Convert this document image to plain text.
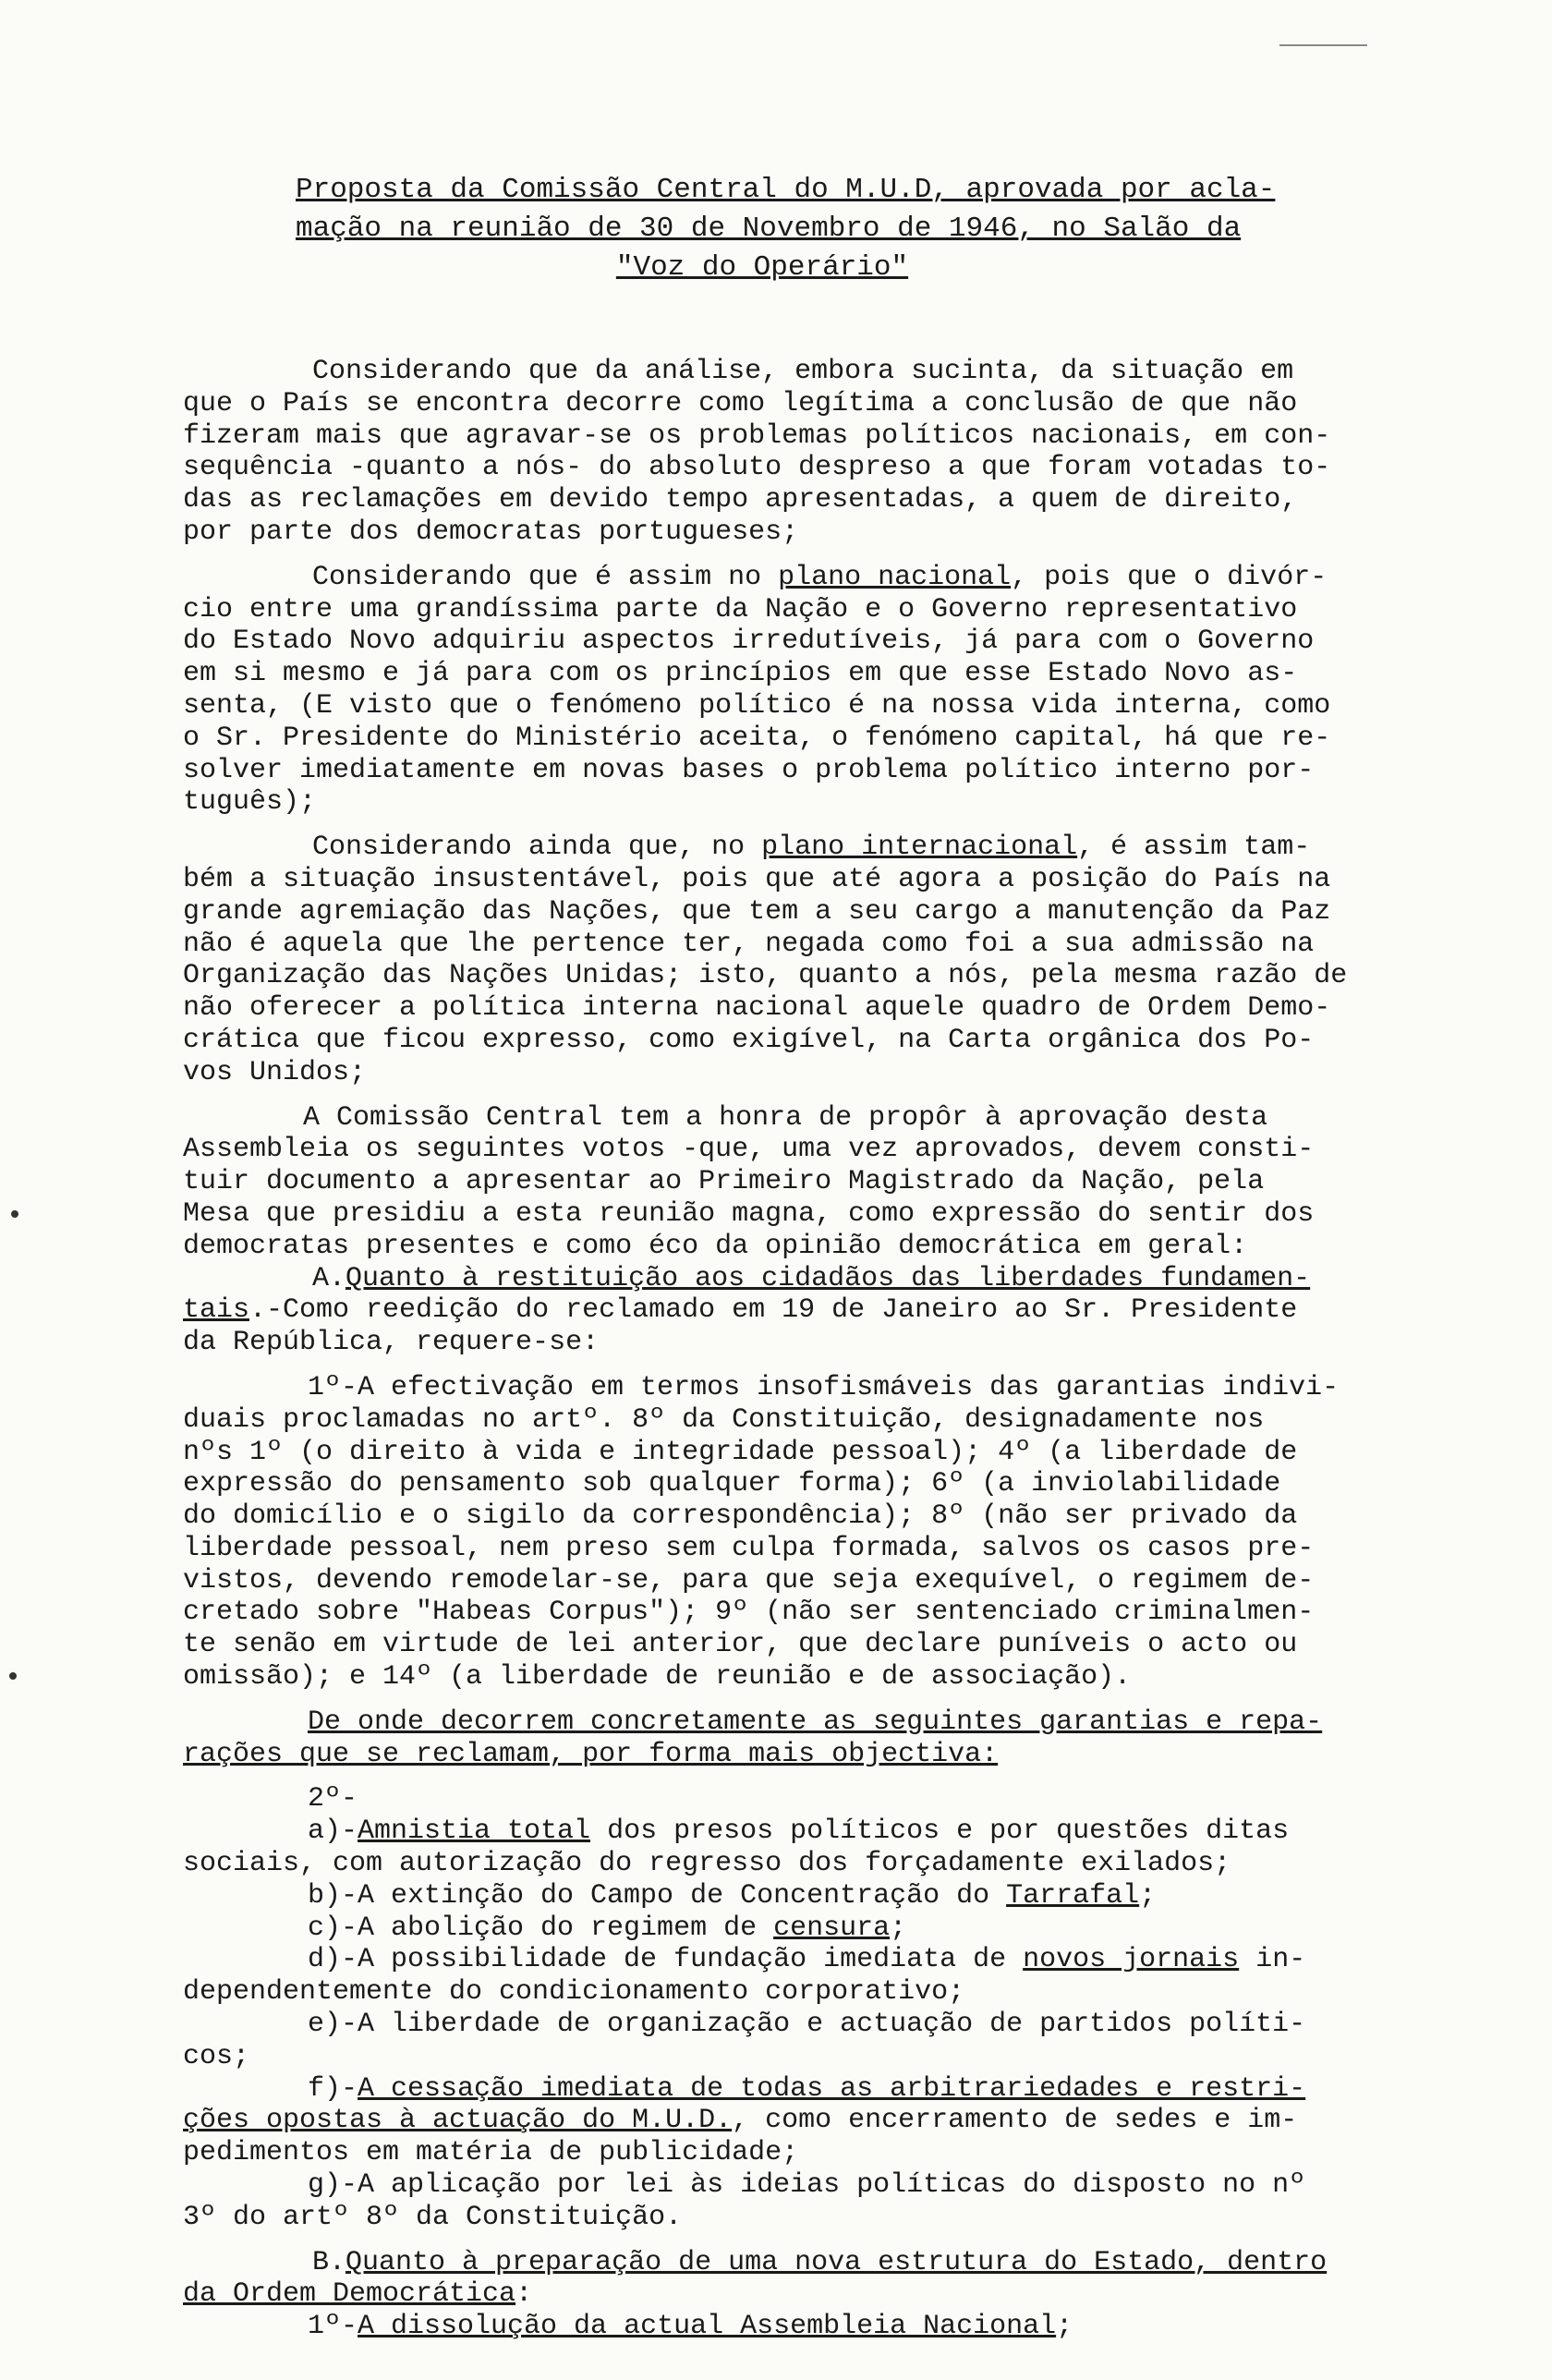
Proposta da Comissão Central do M.U.D, aprovada por acla-
mação na reunião de 30 de Novembro de 1946, no Salão da
"Voz do Operário"

Considerando que da análise, embora sucinta, da situação em

que o País se encontra decorre como legítima a conclusão de que não

fizeram mais que agravar-se os problemas políticos nacionais, em con-

sequência -quanto a nós- do absoluto despreso a que foram votadas to-

das as reclamações em devido tempo apresentadas, a quem de direito,

por parte dos democratas portugueses;

Considerando que é assim no plano nacional, pois que o divór-

cio entre uma grandíssima parte da Nação e o Governo representativo

do Estado Novo adquiriu aspectos irredutíveis, já para com o Governo

em si mesmo e já para com os princípios em que esse Estado Novo as-

senta, (E visto que o fenómeno político é na nossa vida interna, como

o Sr. Presidente do Ministério aceita, o fenómeno capital, há que re-

solver imediatamente em novas bases o problema político interno por-

tuguês);

Considerando ainda que, no plano internacional, é assim tam-

bém a situação insustentável, pois que até agora a posição do País na

grande agremiação das Nações, que tem a seu cargo a manutenção da Paz

não é aquela que lhe pertence ter, negada como foi a sua admissão na

Organização das Nações Unidas; isto, quanto a nós, pela mesma razão de

não oferecer a política interna nacional aquele quadro de Ordem Demo-

crática que ficou expresso, como exigível, na Carta orgânica dos Po-

vos Unidos;

A Comissão Central tem a honra de propôr à aprovação desta

Assembleia os seguintes votos -que, uma vez aprovados, devem consti-

tuir documento a apresentar ao Primeiro Magistrado da Nação, pela

Mesa que presidiu a esta reunião magna, como expressão do sentir dos

democratas presentes e como éco da opinião democrática em geral:

A.Quanto à restituição aos cidadãos das liberdades fundamen-

tais.-Como reedição do reclamado em 19 de Janeiro ao Sr. Presidente

da República, requere-se:

1º-A efectivação em termos insofismáveis das garantias indivi-

duais proclamadas no artº. 8º da Constituição, designadamente nos

nºs 1º (o direito à vida e integridade pessoal); 4º (a liberdade de

expressão do pensamento sob qualquer forma); 6º (a inviolabilidade

do domicílio e o sigilo da correspondência); 8º (não ser privado da

liberdade pessoal, nem preso sem culpa formada, salvos os casos pre-

vistos, devendo remodelar-se, para que seja exequível, o regimem de-

cretado sobre "Habeas Corpus"); 9º (não ser sentenciado criminalmen-

te senão em virtude de lei anterior, que declare puníveis o acto ou

omissão); e 14º (a liberdade de reunião e de associação).

De onde decorrem concretamente as seguintes garantias e repa-

rações que se reclamam, por forma mais objectiva:

2º-

a)-Amnistia total dos presos políticos e por questões ditas

sociais, com autorização do regresso dos forçadamente exilados;

b)-A extinção do Campo de Concentração do Tarrafal;

c)-A abolição do regimem de censura;

d)-A possibilidade de fundação imediata de novos jornais in-

dependentemente do condicionamento corporativo;

e)-A liberdade de organização e actuação de partidos políti-

cos;

f)-A cessação imediata de todas as arbitrariedades e restri-

ções opostas à actuação do M.U.D., como encerramento de sedes e im-

pedimentos em matéria de publicidade;

g)-A aplicação por lei às ideias políticas do disposto no nº

3º do artº 8º da Constituição.

B.Quanto à preparação de uma nova estrutura do Estado, dentro

da Ordem Democrática:

1º-A dissolução da actual Assembleia Nacional;
